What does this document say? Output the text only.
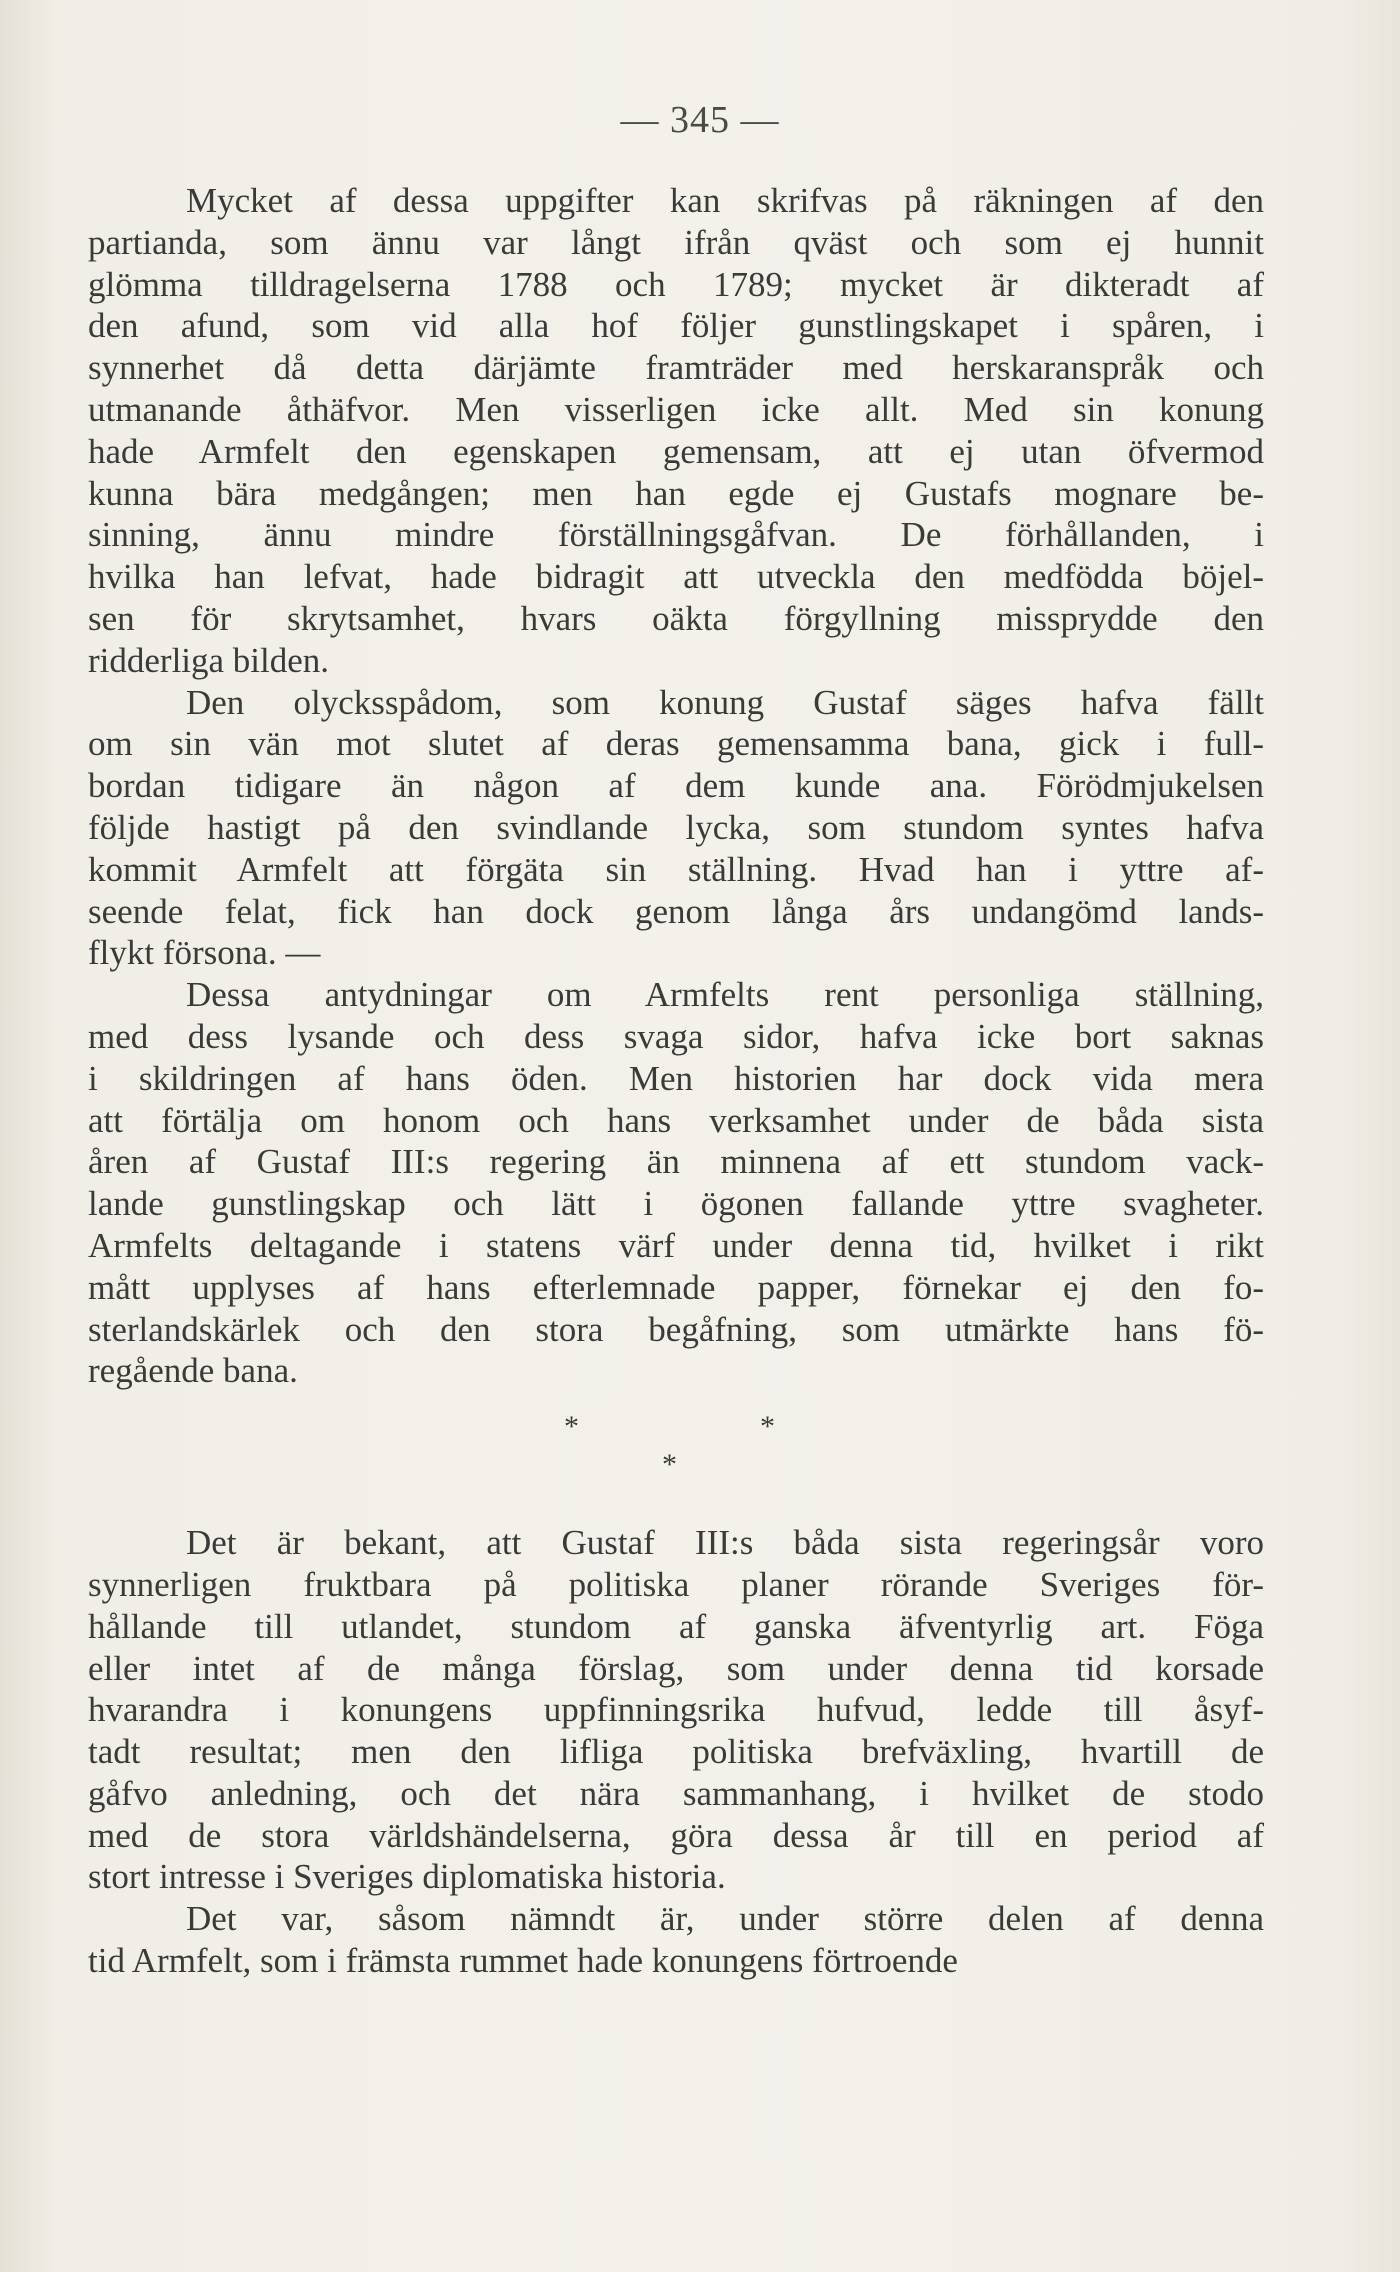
— 345 —
Mycket af dessa uppgifter kan skrifvas på räkningen af den
partianda, som ännu var långt ifrån qväst och som ej hunnit
glömma tilldragelserna 1788 och 1789; mycket är dikteradt af
den afund, som vid alla hof följer gunstlingskapet i spåren, i
synnerhet då detta därjämte framträder med herskaranspråk och
utmanande åthäfvor. Men visserligen icke allt. Med sin konung
hade Armfelt den egenskapen gemensam, att ej utan öfvermod
kunna bära medgången; men han egde ej Gustafs mognare be-
sinning, ännu mindre förställningsgåfvan. De förhållanden, i
hvilka han lefvat, hade bidragit att utveckla den medfödda böjel-
sen för skrytsamhet, hvars oäkta förgyllning missprydde den
ridderliga bilden.
Den olycksspådom, som konung Gustaf säges hafva fällt
om sin vän mot slutet af deras gemensamma bana, gick i full-
bordan tidigare än någon af dem kunde ana. Förödmjukelsen
följde hastigt på den svindlande lycka, som stundom syntes hafva
kommit Armfelt att förgäta sin ställning. Hvad han i yttre af-
seende felat, fick han dock genom långa års undangömd lands-
flykt försona. —
Dessa antydningar om Armfelts rent personliga ställning,
med dess lysande och dess svaga sidor, hafva icke bort saknas
i skildringen af hans öden. Men historien har dock vida mera
att förtälja om honom och hans verksamhet under de båda sista
åren af Gustaf III:s regering än minnena af ett stundom vack-
lande gunstlingskap och lätt i ögonen fallande yttre svagheter.
Armfelts deltagande i statens värf under denna tid, hvilket i rikt
mått upplyses af hans efterlemnade papper, förnekar ej den fo-
sterlandskärlek och den stora begåfning, som utmärkte hans fö-
regående bana.
*	*
*
Det är bekant, att Gustaf III:s båda sista regeringsår voro
synnerligen fruktbara på politiska planer rörande Sveriges för-
hållande till utlandet, stundom af ganska äfventyrlig art. Föga
eller intet af de många förslag, som under denna tid korsade
hvarandra i konungens uppfinningsrika hufvud, ledde till åsyf-
tadt resultat; men den lifliga politiska brefväxling, hvartill de
gåfvo anledning, och det nära sammanhang, i hvilket de stodo
med de stora världshändelserna, göra dessa år till en period af
stort intresse i Sveriges diplomatiska historia.
Det var, såsom nämndt är, under större delen af denna
tid Armfelt, som i främsta rummet hade konungens förtroende
